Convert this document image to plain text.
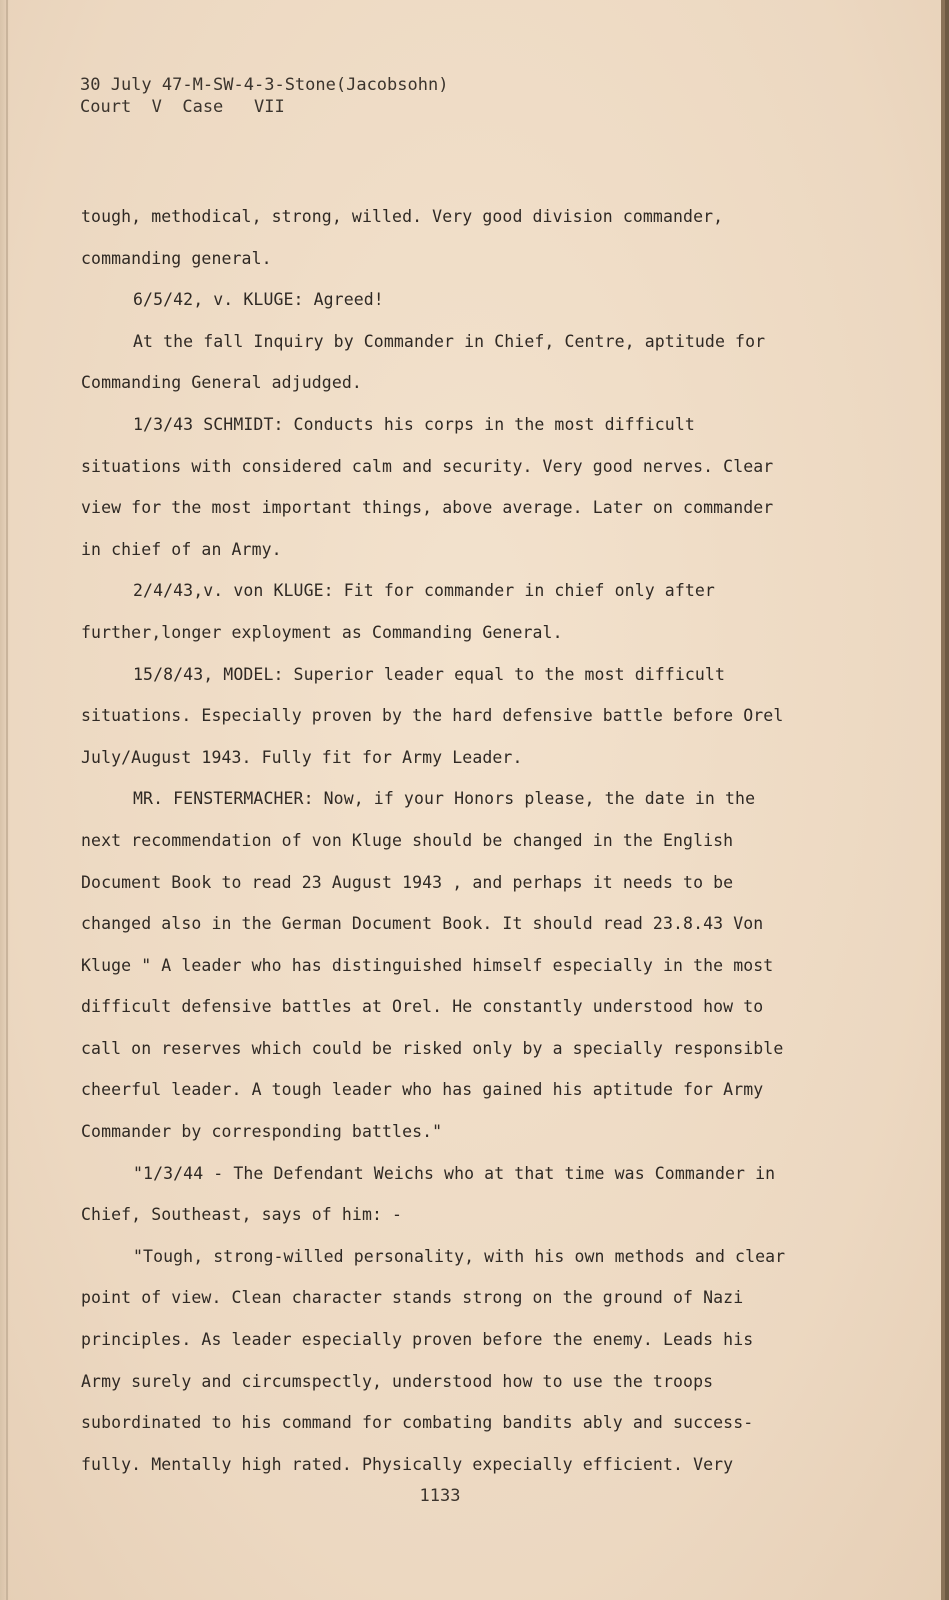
30 July 47-M-SW-4-3-Stone(Jacobsohn)
Court  V  Case   VII

tough, methodical, strong, willed. Very good division commander, commanding general.

6/5/42, v. KLUGE: Agreed!

At the fall Inquiry by Commander in Chief, Centre, aptitude for Commanding General adjudged.

1/3/43 SCHMIDT: Conducts his corps in the most difficult situations with considered calm and security. Very good nerves. Clear view for the most important things, above average. Later on commander in chief of an Army.

2/4/43,v. von KLUGE: Fit for commander in chief only after further,longer exployment as Commanding General.

15/8/43, MODEL: Superior leader equal to the most difficult situations. Especially proven by the hard defensive battle before Orel July/August 1943. Fully fit for Army Leader.

MR. FENSTERMACHER: Now, if your Honors please, the date in the next recommendation of von Kluge should be changed in the English Document Book to read 23 August 1943 , and perhaps it needs to be changed also in the German Document Book. It should read 23.8.43 Von Kluge " A leader who has distinguished himself especially in the most difficult defensive battles at Orel. He constantly understood how to call on reserves which could be risked only by a specially responsible cheerful leader. A tough leader who has gained his aptitude for Army Commander by corresponding battles."

"1/3/44 - The Defendant Weichs who at that time was Commander in Chief, Southeast, says of him: -

"Tough, strong-willed personality, with his own methods and clear point of view. Clean character stands strong on the ground of Nazi principles. As leader especially proven before the enemy. Leads his Army surely and circumspectly, understood how to use the troops subordinated to his command for combating bandits ably and success-fully. Mentally high rated. Physically expecially efficient. Very

1133
